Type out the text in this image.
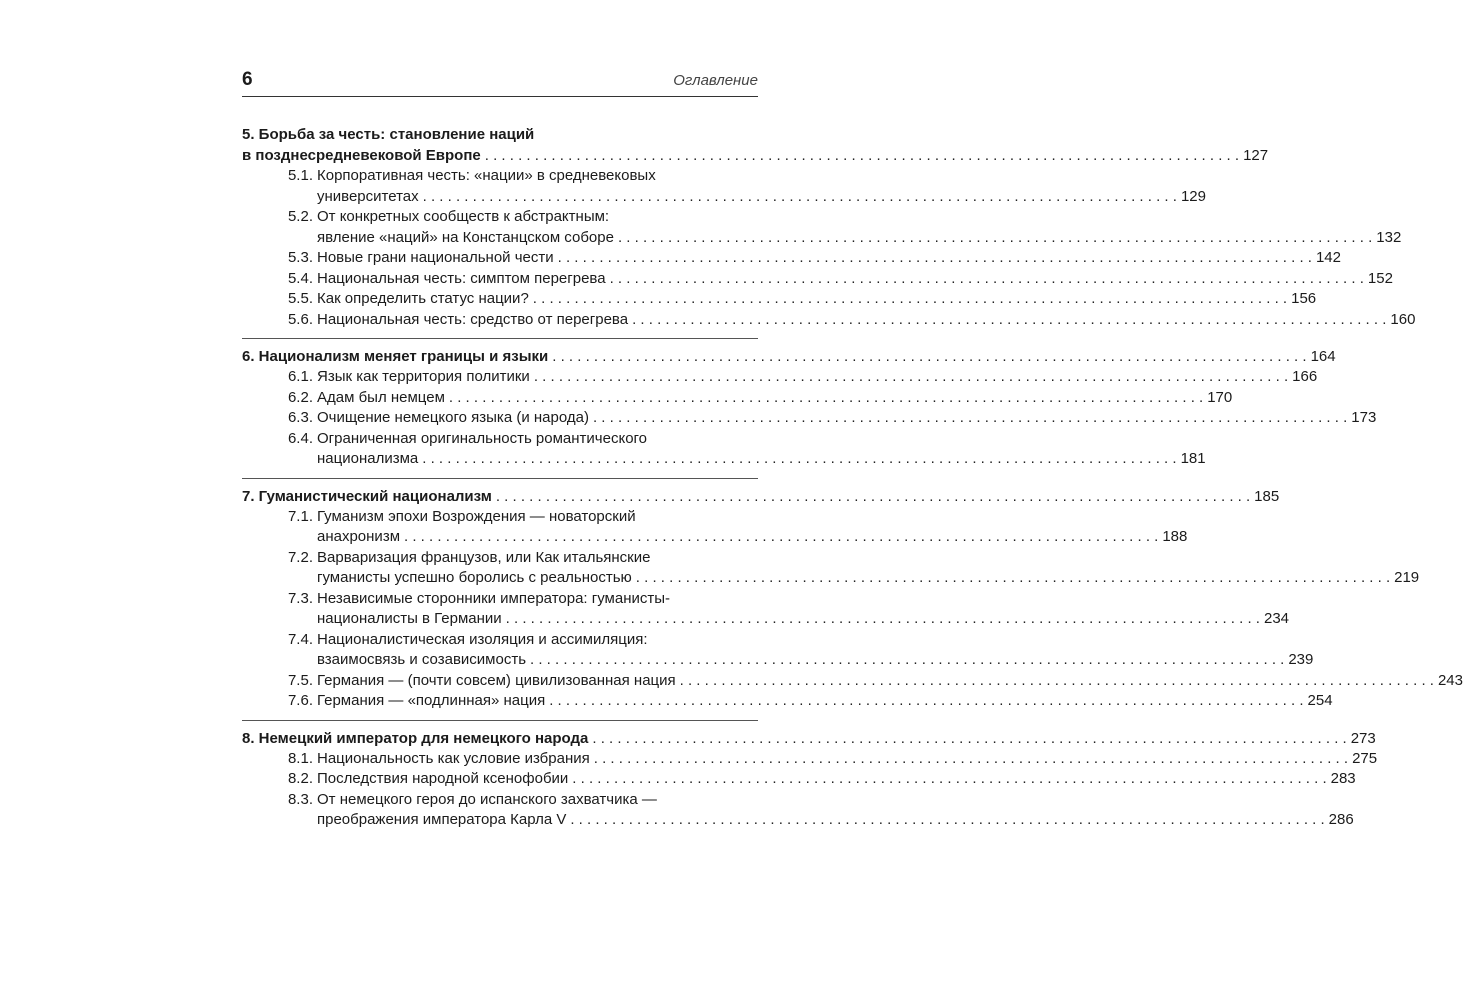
6	Оглавление
5. Борьба за честь: становление наций
в позднесредневековой Европе . . .	127
5.1. Корпоративная честь: «нации» в средневековых
университетах . . .	129
5.2. От конкретных сообществ к абстрактным:
явление «наций» на Констанцском соборе . . .	132
5.3. Новые грани национальной чести . . .	142
5.4. Национальная честь: симптом перегрева . . .	152
5.5. Как определить статус нации? . . .	156
5.6. Национальная честь: средство от перегрева . . .	160
6. Национализм меняет границы и языки . . .	164
6.1. Язык как территория политики . . .	166
6.2. Адам был немцем . . .	170
6.3. Очищение немецкого языка (и народа) . . .	173
6.4. Ограниченная оригинальность романтического
национализма . . .	181
7. Гуманистический национализм . . .	185
7.1. Гуманизм эпохи Возрождения — новаторский
анахронизм . . .	188
7.2. Варваризация французов, или Как итальянские
гуманисты успешно боролись с реальностью . . .	219
7.3. Независимые сторонники императора: гуманисты-
националисты в Германии . . .	234
7.4. Националистическая изоляция и ассимиляция:
взаимосвязь и созависимость . . .	239
7.5. Германия — (почти совсем) цивилизованная нация . . .	243
7.6. Германия — «подлинная» нация . . .	254
8. Немецкий император для немецкого народа . . .	273
8.1. Национальность как условие избрания . . .	275
8.2. Последствия народной ксенофобии . . .	283
8.3. От немецкого героя до испанского захватчика —
преображения императора Карла V . . .	286
